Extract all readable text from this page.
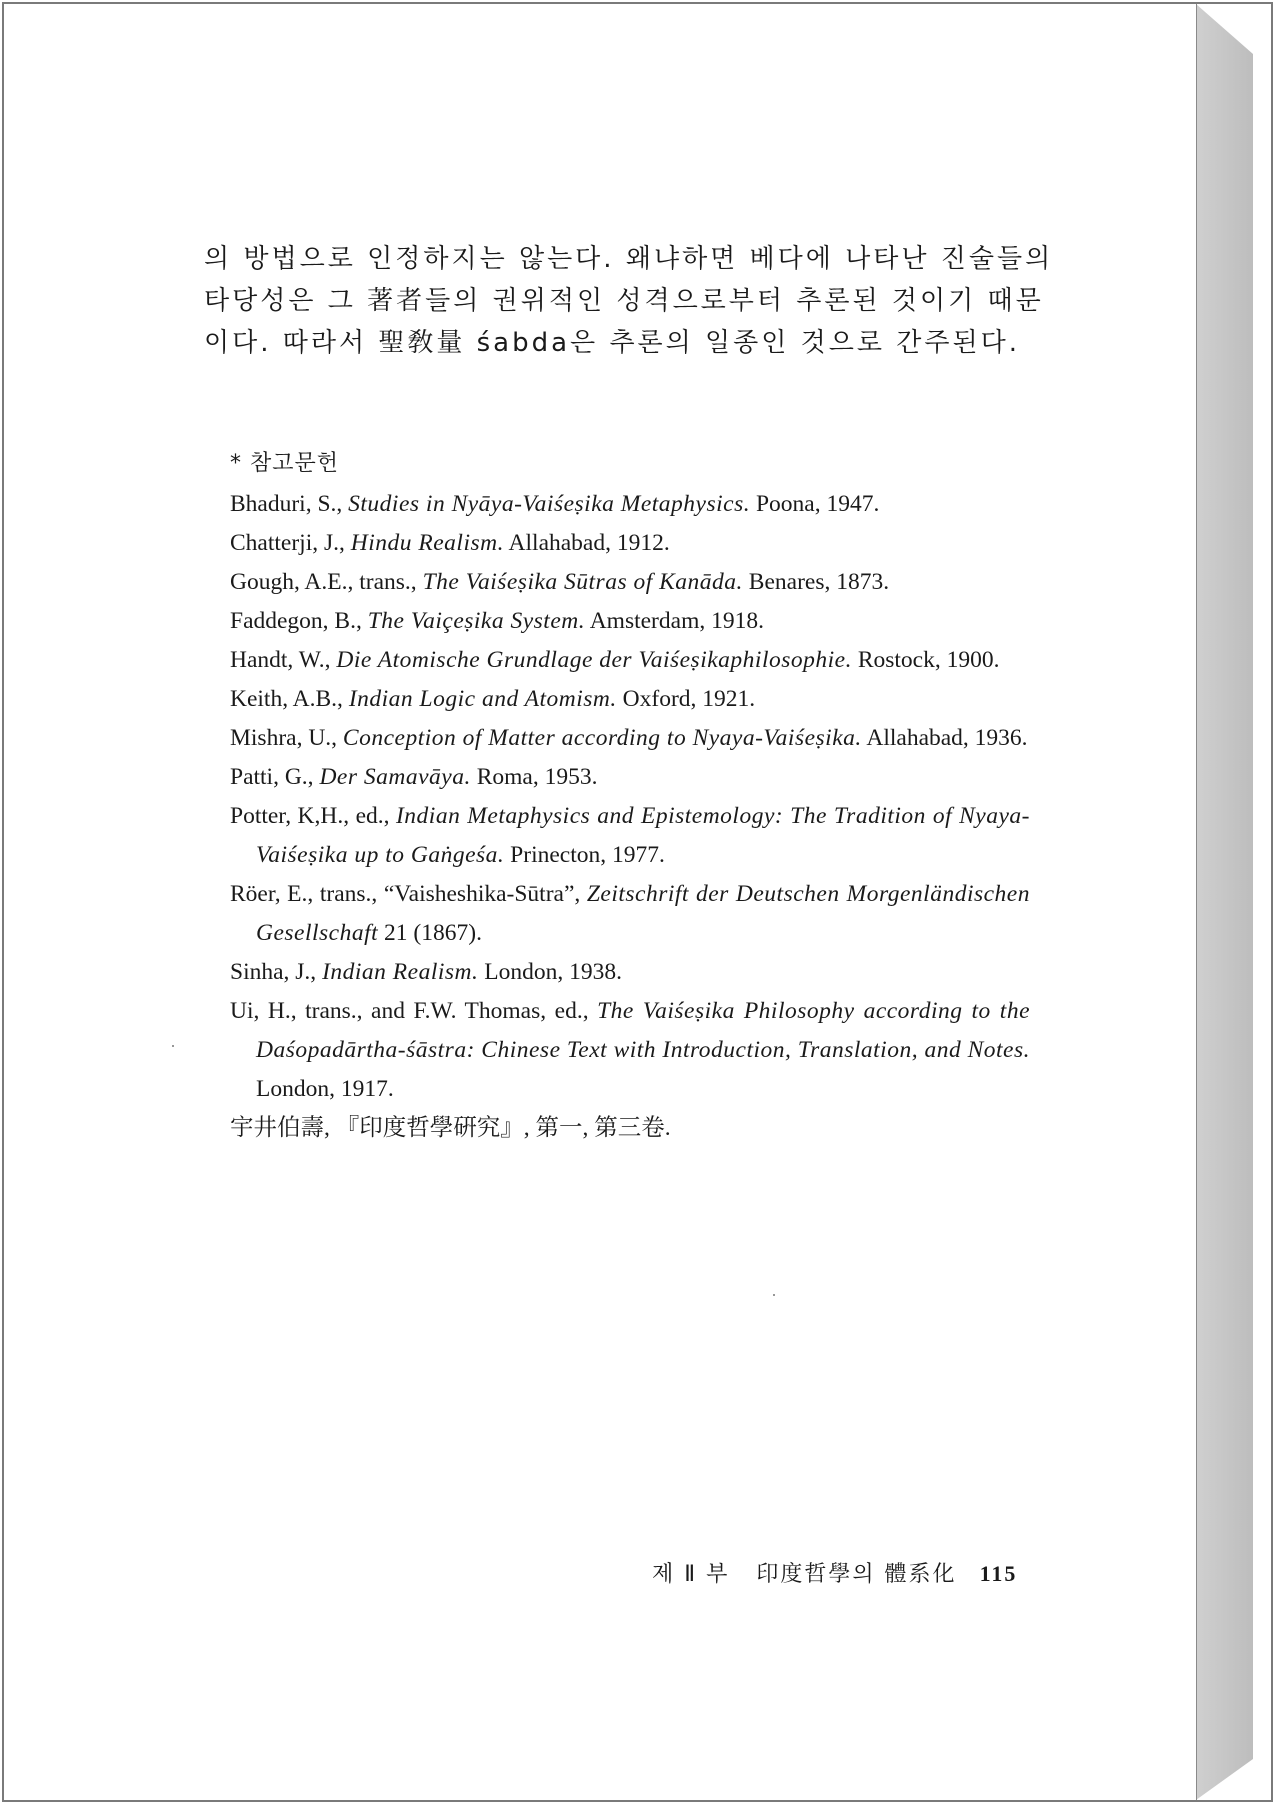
의 방법으로 인정하지는 않는다. 왜냐하면 베다에 나타난 진술들의
타당성은 그 著者들의 권위적인 성격으로부터 추론된 것이기 때문
이다. 따라서 聖敎量 śabda은 추론의 일종인 것으로 간주된다.
* 참고문헌

Bhaduri, S., Studies in Nyāya-Vaiśeṣika Metaphysics. Poona, 1947.

Chatterji, J., Hindu Realism. Allahabad, 1912.

Gough, A.E., trans., The Vaiśeṣika Sūtras of Kanāda. Benares, 1873.

Faddegon, B., The Vaiçeṣika System. Amsterdam, 1918.

Handt, W., Die Atomische Grundlage der Vaiśeṣikaphilosophie. Rostock, 1900.

Keith, A.B., Indian Logic and Atomism. Oxford, 1921.

Mishra, U., Conception of Matter according to Nyaya-Vaiśeṣika. Allahabad, 1936.

Patti, G., Der Samavāya. Roma, 1953.

Potter, K,H., ed., Indian Metaphysics and Epistemology: The Tradition of Nyaya-Vaiśeṣika up to Gaṅgeśa. Prinecton, 1977.

Röer, E., trans., “Vaisheshika-Sūtra”, Zeitschrift der Deutschen Morgenländischen Gesellschaft 21 (1867).

Sinha, J., Indian Realism. London, 1938.

Ui, H., trans., and F.W. Thomas, ed., The Vaiśeṣika Philosophy according to the Daśopadārtha-śāstra: Chinese Text with Introduction, Translation, and Notes. London, 1917.

宇井伯壽, 『印度哲學硏究』, 第一, 第三卷.

제 Ⅱ 부 印度哲學의 體系化 115
